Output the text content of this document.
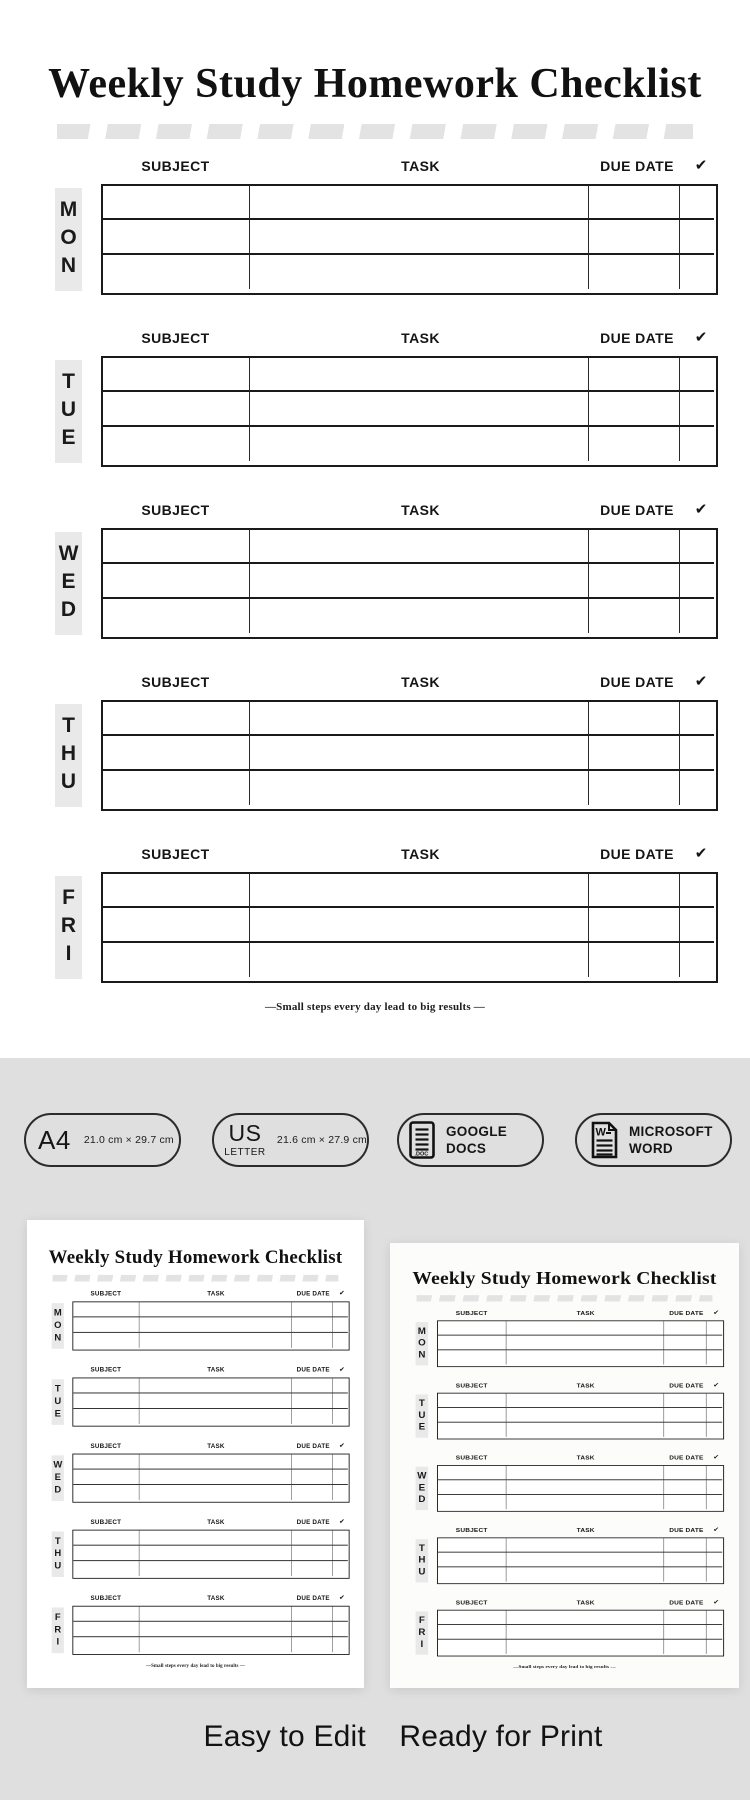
Weekly Study Homework Checklist
SUBJECT	TASK	DUE DATE	✔
MON
SUBJECT	TASK	DUE DATE	✔
TUE
SUBJECT	TASK	DUE DATE	✔
WED
SUBJECT	TASK	DUE DATE	✔
THU
SUBJECT	TASK	DUE DATE	✔
FRI
—Small steps every day lead to big results —
A4 21.0 cm × 29.7 cm US
LETTER
21.6 cm × 27.9 cm
.DOC
GOOGLE
DOCS
W MICROSOFT
WORD
Weekly Study Homework Checklist
SUBJECT	TASK	DUE DATE ✔
MON
SUBJECT	TASK	DUE DATE ✔
TUE
SUBJECT	TASK	DUE DATE ✔
WED
SUBJECT	TASK	DUE DATE ✔
THU
SUBJECT	TASK	DUE DATE ✔
FRI
—Small steps every day lead to big results —
Weekly Study Homework Checklist
SUBJECT	TASK	DUE DATE ✔
MON
SUBJECT	TASK	DUE DATE ✔
TUE
SUBJECT	TASK	DUE DATE ✔
WED
SUBJECT	TASK	DUE DATE ✔
THU
SUBJECT	TASK	DUE DATE ✔
FRI
—Small steps every day lead to big results —
Easy to Edit Ready for Print
